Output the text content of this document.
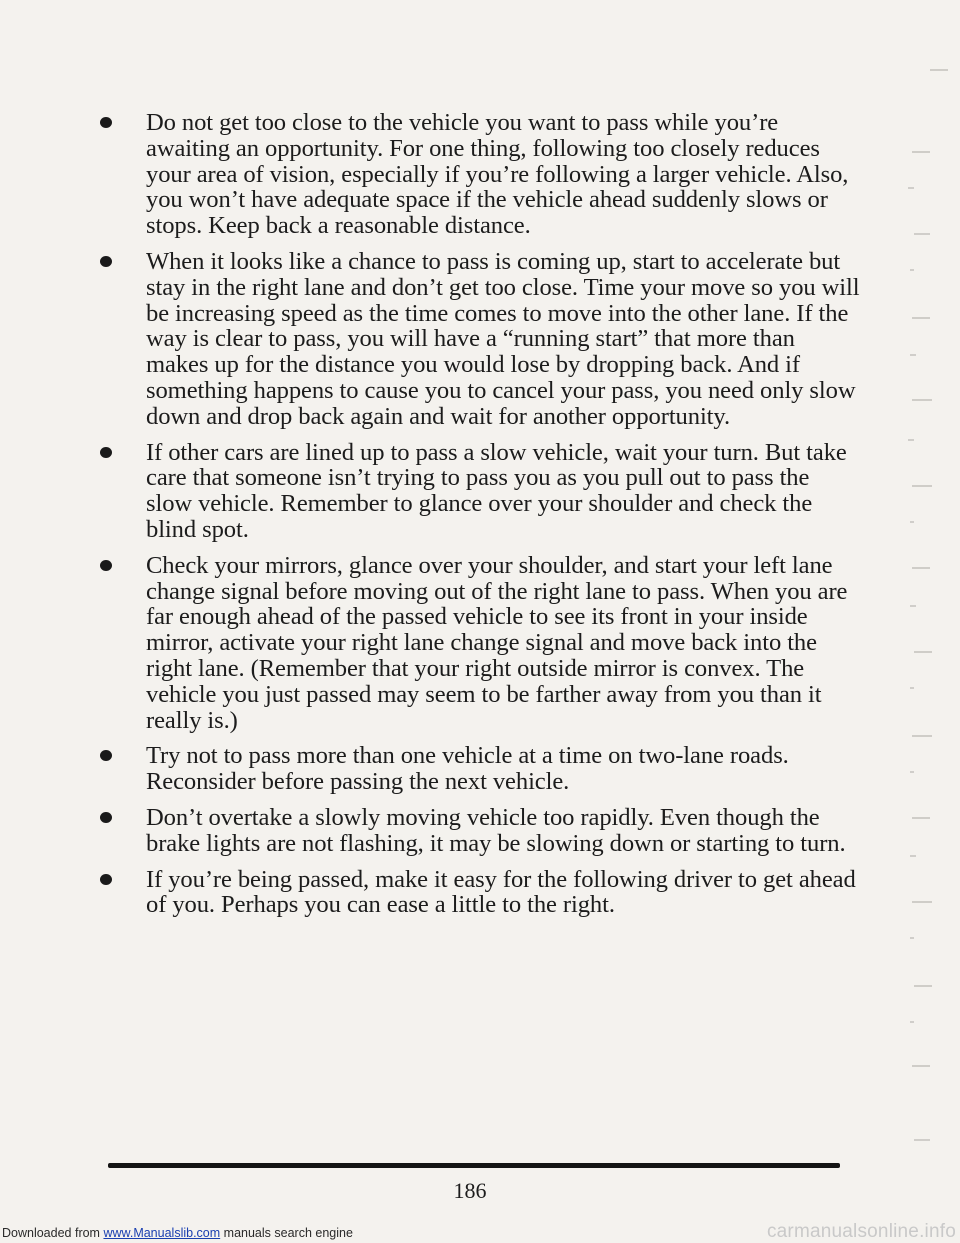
Do not get too close to the vehicle you want to pass while you’re awaiting an opportunity. For one thing, following too closely reduces your area of vision, especially if you’re following a larger vehicle. Also, you won’t have adequate space if the vehicle ahead suddenly slows or stops. Keep back a reasonable distance.
When it looks like a chance to pass is coming up, start to accelerate but stay in the right lane and don’t get too close. Time your move so you will be increasing speed as the time comes to move into the other lane. If the way is clear to pass, you will have a “running start” that more than makes up for the distance you would lose by dropping back. And if something happens to cause you to cancel your pass, you need only slow down and drop back again and wait for another opportunity.
If other cars are lined up to pass a slow vehicle, wait your turn. But take care that someone isn’t trying to pass you as you pull out to pass the slow vehicle. Remember to glance over your shoulder and check the blind spot.
Check your mirrors, glance over your shoulder, and start your left lane change signal before moving out of the right lane to pass. When you are far enough ahead of the passed vehicle to see its front in your inside mirror, activate your right lane change signal and move back into the right lane. (Remember that your right outside mirror is convex. The vehicle you just passed may seem to be farther away from you than it really is.)
Try not to pass more than one vehicle at a time on two-lane roads. Reconsider before passing the next vehicle.
Don’t overtake a slowly moving vehicle too rapidly. Even though the brake lights are not flashing, it may be slowing down or starting to turn.
If you’re being passed, make it easy for the following driver to get ahead of you. Perhaps you can ease a little to the right.
186
Downloaded from www.Manualslib.com manuals search engine	carmanualsonline.info
